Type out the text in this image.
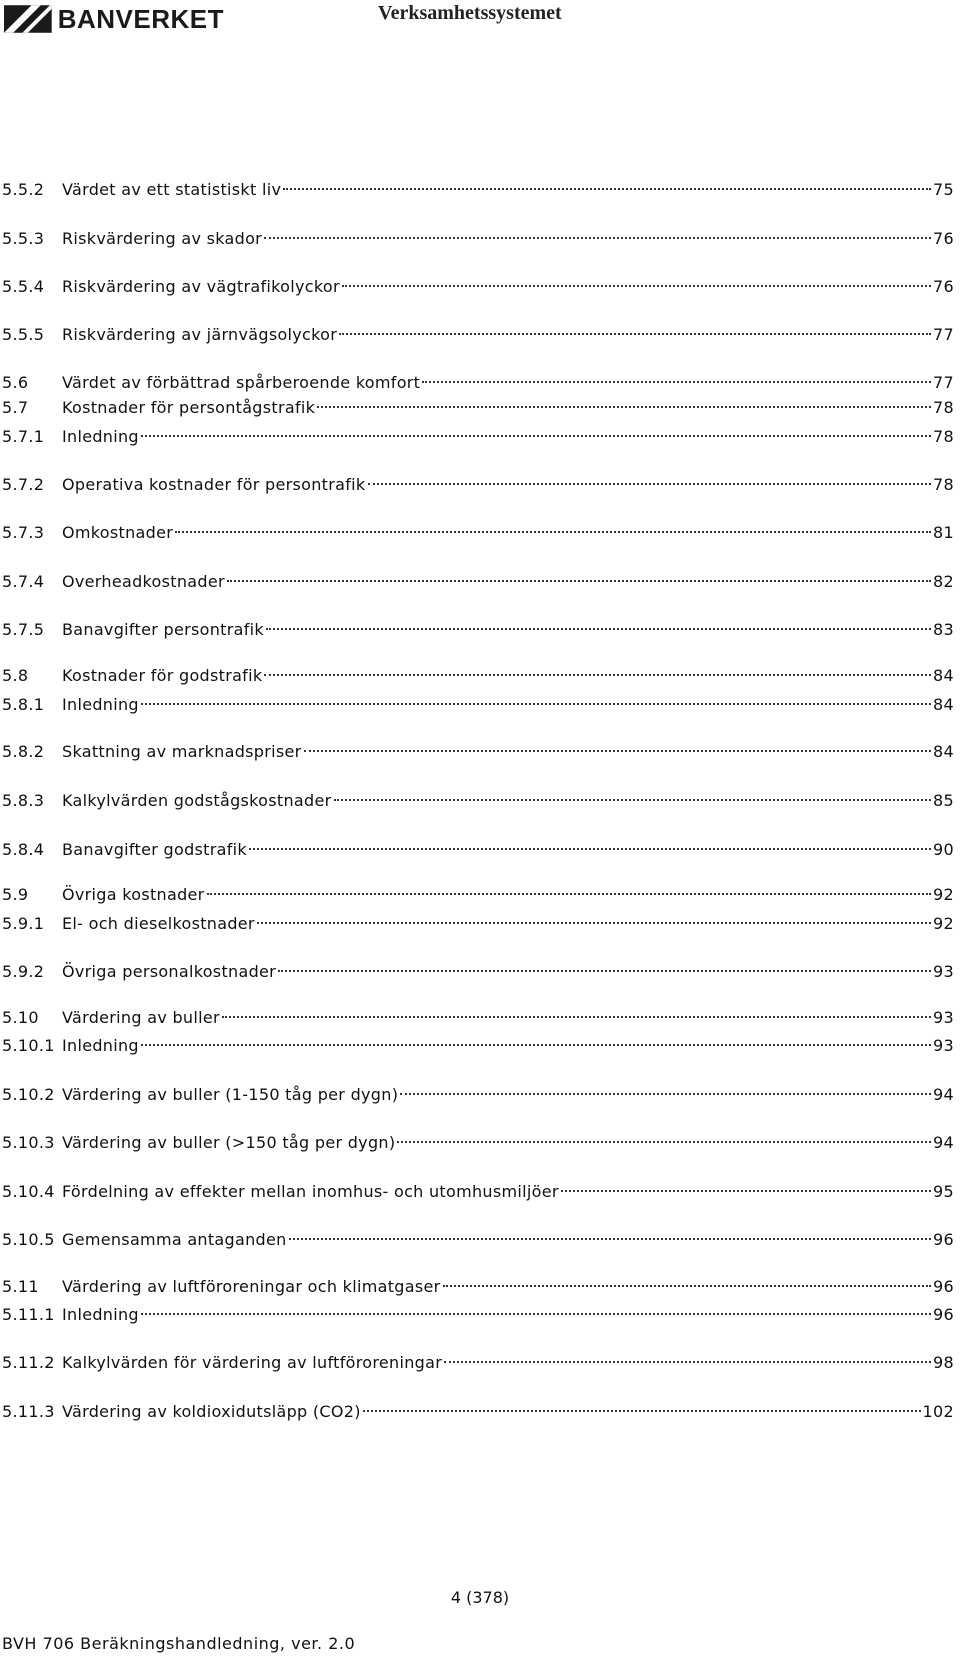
BANVERKET	Verksamhetssystemet
5.5.2	Värdet av ett statistiskt liv	75
5.5.3	Riskvärdering av skador	76
5.5.4	Riskvärdering av vägtrafikolyckor	76
5.5.5	Riskvärdering av järnvägsolyckor	77
5.6	Värdet av förbättrad spårberoende komfort	77
5.7	Kostnader för persontågstrafik	78
5.7.1	Inledning	78
5.7.2	Operativa kostnader för persontrafik	78
5.7.3	Omkostnader	81
5.7.4	Overheadkostnader	82
5.7.5	Banavgifter persontrafik	83
5.8	Kostnader för godstrafik	84
5.8.1	Inledning	84
5.8.2	Skattning av marknadspriser	84
5.8.3	Kalkylvärden godstågskostnader	85
5.8.4	Banavgifter godstrafik	90
5.9	Övriga kostnader	92
5.9.1	El- och dieselkostnader	92
5.9.2	Övriga personalkostnader	93
5.10	Värdering av buller	93
5.10.1 Inledning	93
5.10.2 Värdering av buller (1-150 tåg per dygn)	94
5.10.3 Värdering av buller (>150 tåg per dygn)	94
5.10.4 Fördelning av effekter mellan inomhus- och utomhusmiljöer	95
5.10.5 Gemensamma antaganden	96
5.11	Värdering av luftföroreningar och klimatgaser	96
5.11.1 Inledning	96
5.11.2 Kalkylvärden för värdering av luftföroreningar	98
5.11.3 Värdering av koldioxidutsläpp (CO2)	102
4 (378)
BVH 706 Beräkningshandledning, ver. 2.0
